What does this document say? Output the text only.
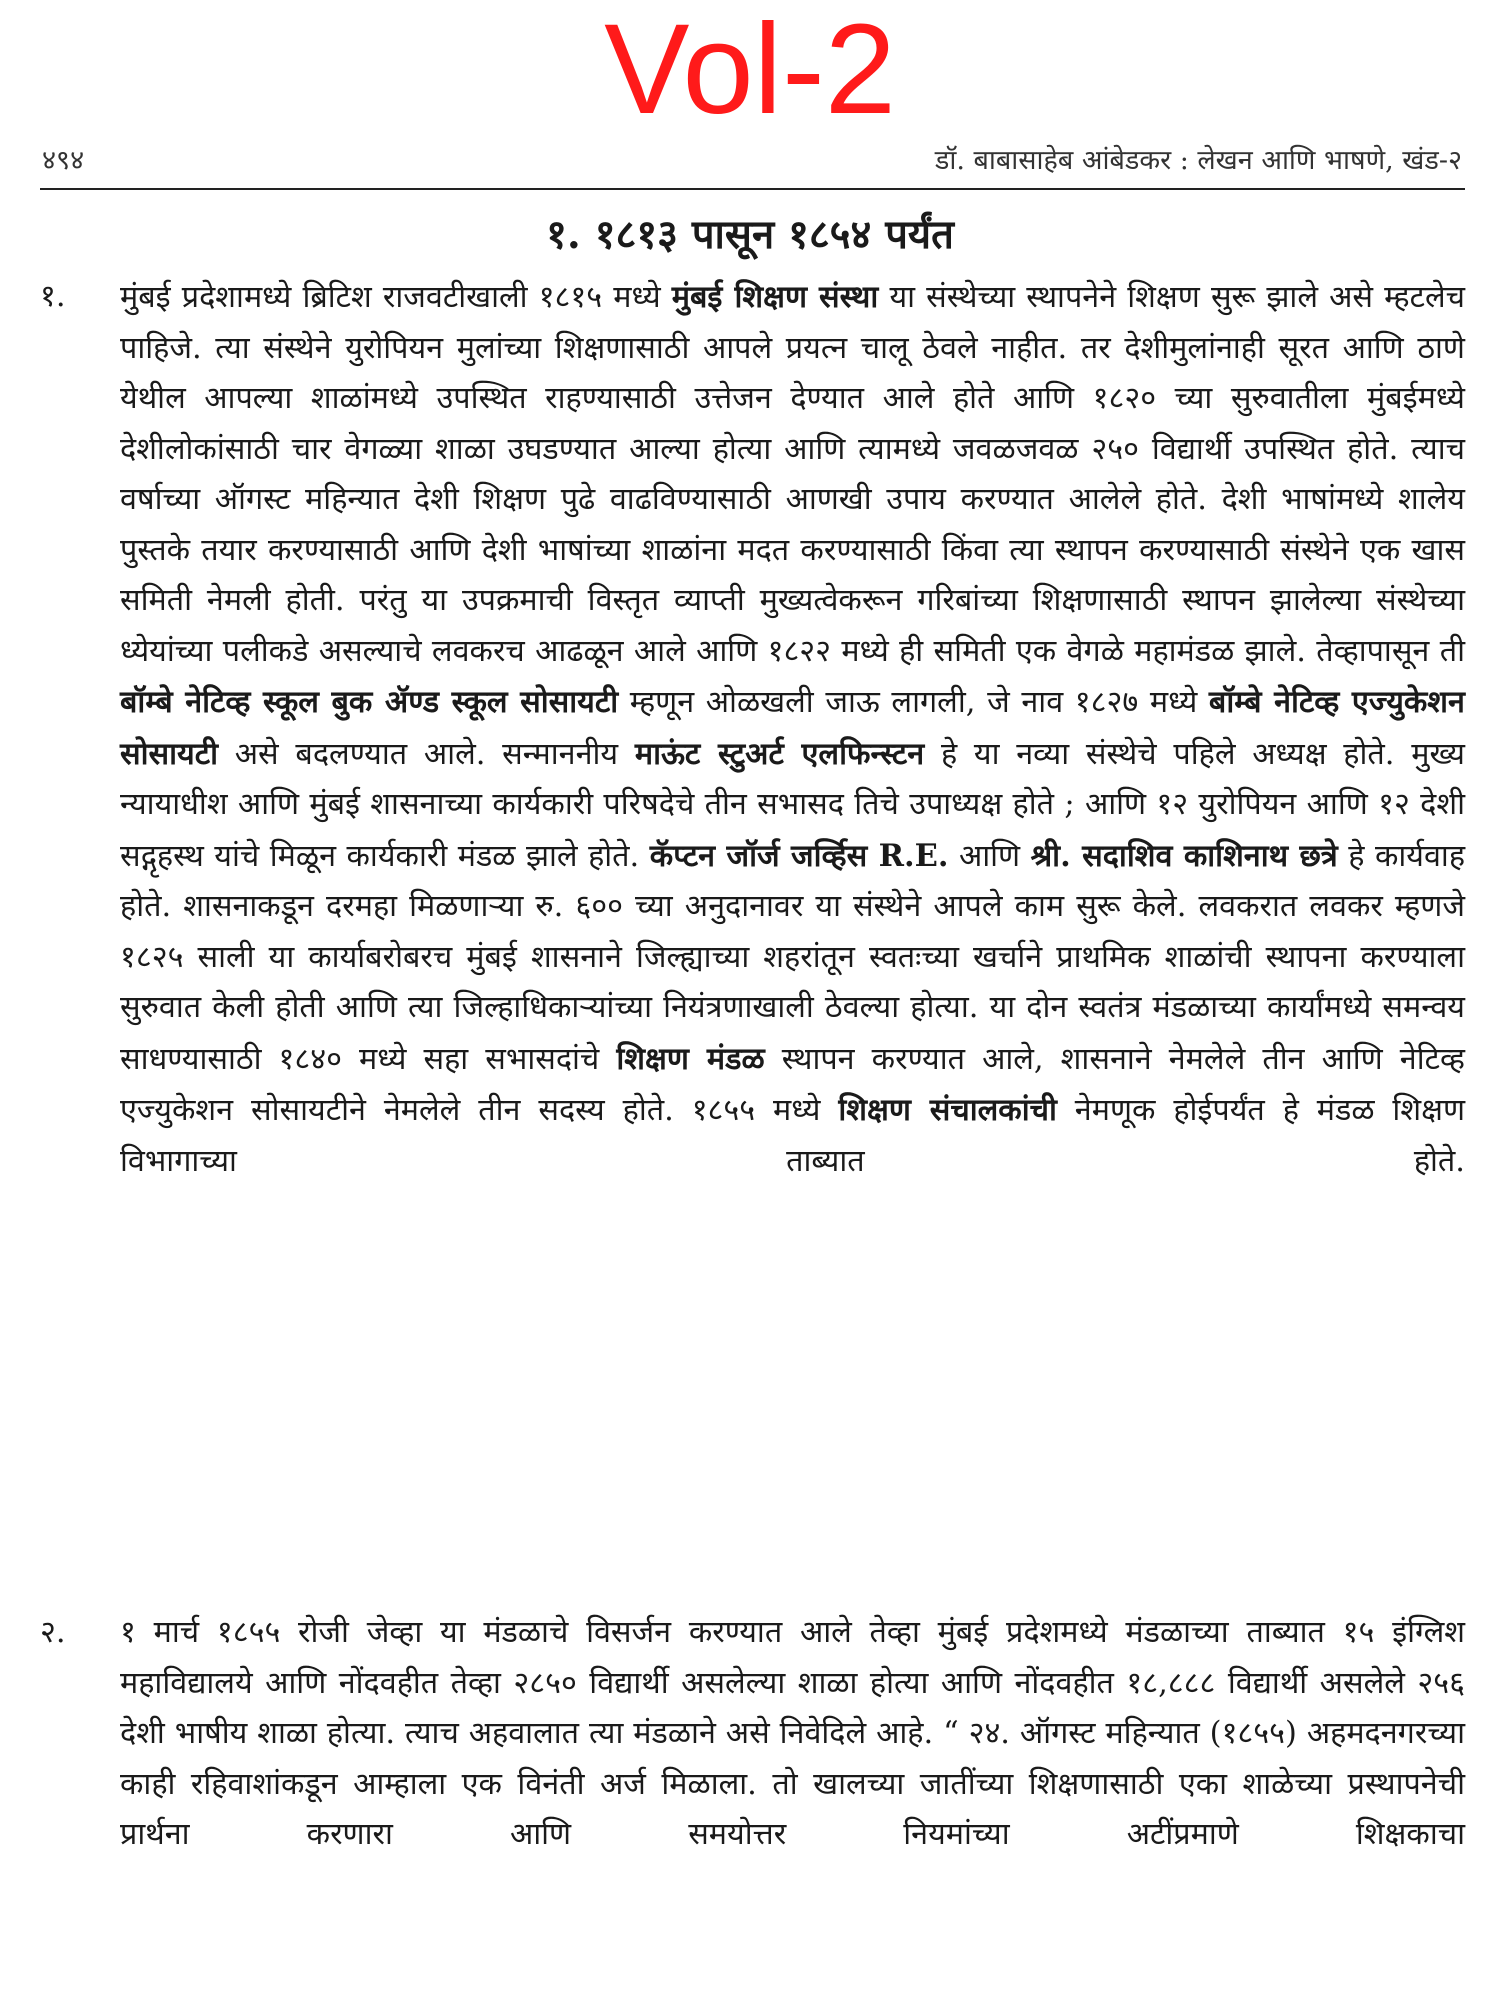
Vol-2
४९४	डॉ. बाबासाहेब आंबेडकर : लेखन आणि भाषणे, खंड-२
१. १८१३ पासून १८५४ पर्यंत
१. मुंबई प्रदेशामध्ये ब्रिटिश राजवटीखाली १८१५ मध्ये मुंबई शिक्षण संस्था या संस्थेच्या स्थापनेने शिक्षण सुरू झाले असे म्हटलेच पाहिजे. त्या संस्थेने युरोपियन मुलांच्या शिक्षणासाठी आपले प्रयत्न चालू ठेवले नाहीत. तर देशीमुलांनाही सूरत आणि ठाणे येथील आपल्या शाळांमध्ये उपस्थित राहण्यासाठी उत्तेजन देण्यात आले होते आणि १८२० च्या सुरुवातीला मुंबईमध्ये देशीलोकांसाठी चार वेगळ्या शाळा उघडण्यात आल्या होत्या आणि त्यामध्ये जवळजवळ २५० विद्यार्थी उपस्थित होते. त्याच वर्षाच्या ऑगस्ट महिन्यात देशी शिक्षण पुढे वाढविण्यासाठी आणखी उपाय करण्यात आलेले होते. देशी भाषांमध्ये शालेय पुस्तके तयार करण्यासाठी आणि देशी भाषांच्या शाळांना मदत करण्यासाठी किंवा त्या स्थापन करण्यासाठी संस्थेने एक खास समिती नेमली होती. परंतु या उपक्रमाची विस्तृत व्याप्ती मुख्यत्वेकरून गरिबांच्या शिक्षणासाठी स्थापन झालेल्या संस्थेच्या ध्येयांच्या पलीकडे असल्याचे लवकरच आढळून आले आणि १८२२ मध्ये ही समिती एक वेगळे महामंडळ झाले. तेव्हापासून ती बॉम्बे नेटिव्ह स्कूल बुक ॲण्ड स्कूल सोसायटी म्हणून ओळखली जाऊ लागली, जे नाव १८२७ मध्ये बॉम्बे नेटिव्ह एज्युकेशन सोसायटी असे बदलण्यात आले. सन्माननीय माऊंट स्टुअर्ट एलफिन्स्टन हे या नव्या संस्थेचे पहिले अध्यक्ष होते. मुख्य न्यायाधीश आणि मुंबई शासनाच्या कार्यकारी परिषदेचे तीन सभासद तिचे उपाध्यक्ष होते ; आणि १२ युरोपियन आणि १२ देशी सद्गृहस्थ यांचे मिळून कार्यकारी मंडळ झाले होते. कॅप्टन जॉर्ज जर्व्हिस R.E. आणि श्री. सदाशिव काशिनाथ छत्रे हे कार्यवाह होते. शासनाकडून दरमहा मिळणाऱ्या रु. ६०० च्या अनुदानावर या संस्थेने आपले काम सुरू केले. लवकरात लवकर म्हणजे १८२५ साली या कार्याबरोबरच मुंबई शासनाने जिल्ह्याच्या शहरांतून स्वतःच्या खर्चाने प्राथमिक शाळांची स्थापना करण्याला सुरुवात केली होती आणि त्या जिल्हाधिकाऱ्यांच्या नियंत्रणाखाली ठेवल्या होत्या. या दोन स्वतंत्र मंडळाच्या कार्यांमध्ये समन्वय साधण्यासाठी १८४० मध्ये सहा सभासदांचे शिक्षण मंडळ स्थापन करण्यात आले, शासनाने नेमलेले तीन आणि नेटिव्ह एज्युकेशन सोसायटीने नेमलेले तीन सदस्य होते. १८५५ मध्ये शिक्षण संचालकांची नेमणूक होईपर्यंत हे मंडळ शिक्षण विभागाच्या ताब्यात होते.
२. १ मार्च १८५५ रोजी जेव्हा या मंडळाचे विसर्जन करण्यात आले तेव्हा मुंबई प्रदेशमध्ये मंडळाच्या ताब्यात १५ इंग्लिश महाविद्यालये आणि नोंदवहीत तेव्हा २८५० विद्यार्थी असलेल्या शाळा होत्या आणि नोंदवहीत १८,८८८ विद्यार्थी असलेले २५६ देशी भाषीय शाळा होत्या. त्याच अहवालात त्या मंडळाने असे निवेदिले आहे. “ २४. ऑगस्ट महिन्यात (१८५५) अहमदनगरच्या काही रहिवाशांकडून आम्हाला एक विनंती अर्ज मिळाला. तो खालच्या जातींच्या शिक्षणासाठी एका शाळेच्या प्रस्थापनेची प्रार्थना करणारा आणि समयोत्तर नियमांच्या अटींप्रमाणे शिक्षकाचा
